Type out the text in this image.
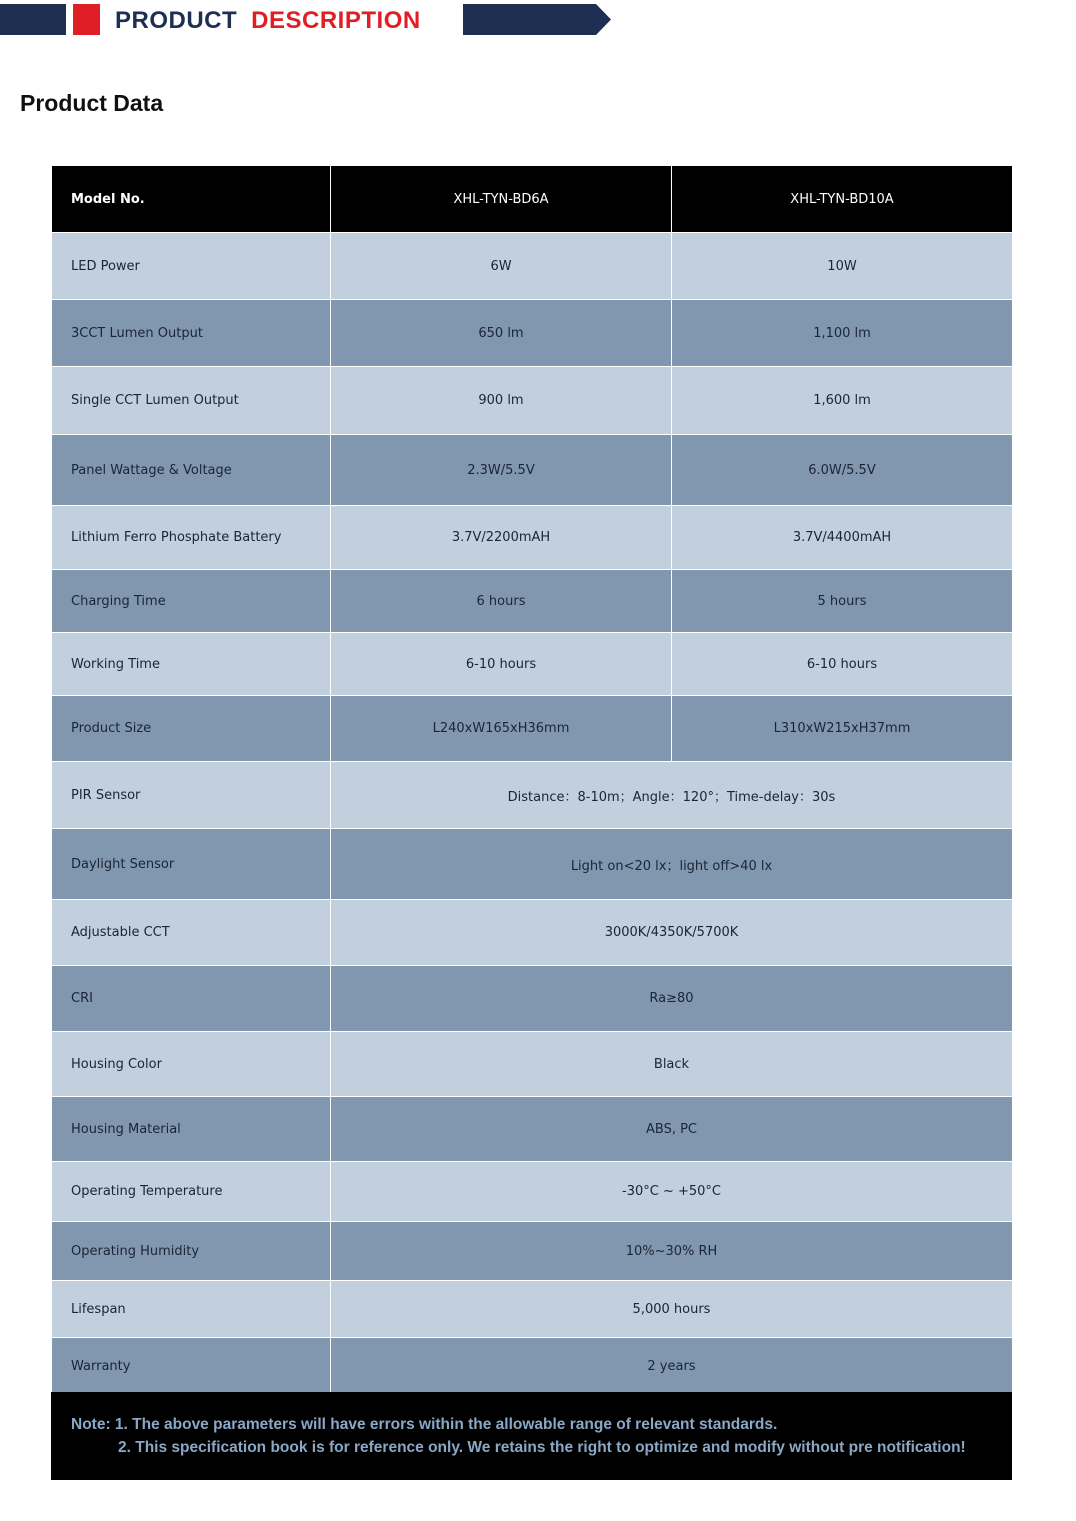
PRODUCT DESCRIPTION
Product Data
Model No.	XHL-TYN-BD6A	XHL-TYN-BD10A
LED Power	6W	10W
3CCT Lumen Output	650 lm	1,100 lm
Single CCT Lumen Output	900 lm	1,600 lm
Panel Wattage & Voltage	2.3W/5.5V	6.0W/5.5V
Lithium Ferro Phosphate Battery	3.7V/2200mAH	3.7V/4400mAH
Charging Time	6 hours	5 hours
Working Time	6-10 hours	6-10 hours
Product Size	L240xW165xH36mm	L310xW215xH37mm
PIR Sensor	Distance：8-10m；Angle：120°；Time-delay：30s	
Daylight Sensor	Light on<20 lx；light off>40 lx	
Adjustable CCT	3000K/4350K/5700K	
CRI	Ra≥80	
Housing Color	Black	
Housing Material	ABS, PC	
Operating Temperature	-30°C ~ +50°C	
Operating Humidity	10%~30% RH	
Lifespan	5,000 hours	
Warranty	2 years	
Note: 1. The above parameters will have errors within the allowable range of relevant standards.
2. This specification book is for reference only. We retains the right to optimize and modify without pre notification!
